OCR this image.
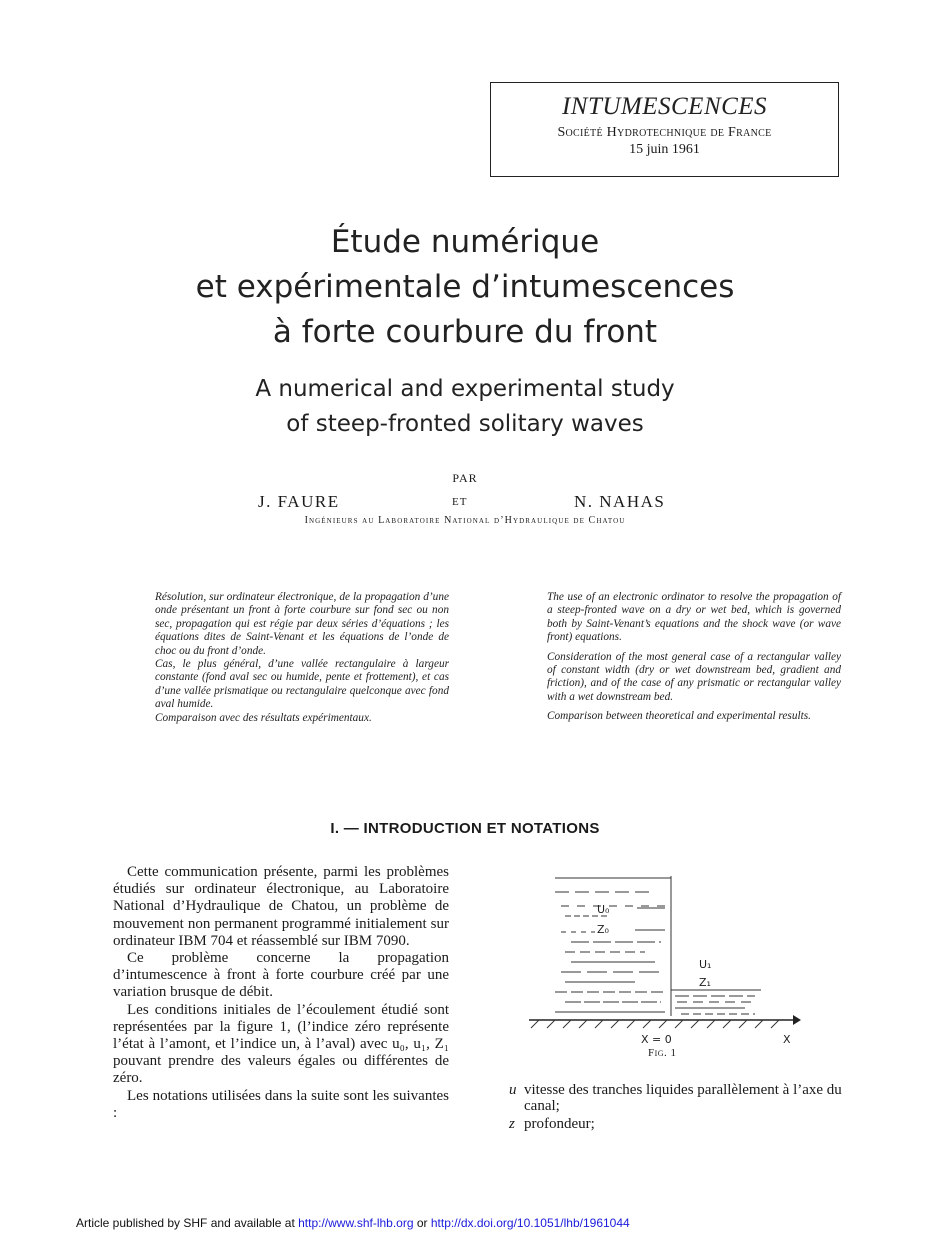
INTUMESCENCES
Société Hydrotechnique de France
15 juin 1961
Étude numérique
et expérimentale d’intumescences
à forte courbure du front
A numerical and experimental study
of steep-fronted solitary waves
PAR
J. FAURE	ET	N. NAHAS
Ingénieurs au Laboratoire National d’Hydraulique de Chatou

Résolution, sur ordinateur électronique, de la propagation d’une onde présentant un front à forte courbure sur fond sec ou non sec, propagation qui est régie par deux séries d’équations ; les équations dites de Saint-Venant et les équations de l’onde de choc ou du front d’onde.

Cas, le plus général, d’une vallée rectangulaire à largeur constante (fond aval sec ou humide, pente et frottement), et cas d’une vallée prismatique ou rectangulaire quelconque avec fond aval humide.

Comparaison avec des résultats expérimentaux.

The use of an electronic ordinator to resolve the propagation of a steep-fronted wave on a dry or wet bed, which is governed both by Saint-Venant’s equations and the shock wave (or wave front) equations.

Consideration of the most general case of a rectangular valley of constant width (dry or wet downstream bed, gradient and friction), and of the case of any prismatic or rectangular valley with a wet downstream bed.

Comparison between theoretical and experimental results.

I. — INTRODUCTION ET NOTATIONS

Cette communication présente, parmi les problèmes étudiés sur ordinateur électronique, au Laboratoire National d’Hydraulique de Chatou, un problème de mouvement non permanent programmé initialement sur ordinateur IBM 704 et réassemblé sur IBM 7090.

Ce problème concerne la propagation d’intumescence à front à forte courbure créé par une variation brusque de débit.

Les conditions initiales de l’écoulement étudié sont représentées par la figure 1, (l’indice zéro représente l’état à l’amont, et l’indice un, à l’aval) avec u₀, u₁, Z₁ pouvant prendre des valeurs égales ou différentes de zéro.

Les notations utilisées dans la suite sont les suivantes :

U₀
Z₀
U₁
Z₁
X = 0	X
Fig. 1
u vitesse des tranches liquides parallèlement à l’axe du canal;
z profondeur;
Article published by SHF and available at http://www.shf-lhb.org or http://dx.doi.org/10.1051/lhb/1961044
